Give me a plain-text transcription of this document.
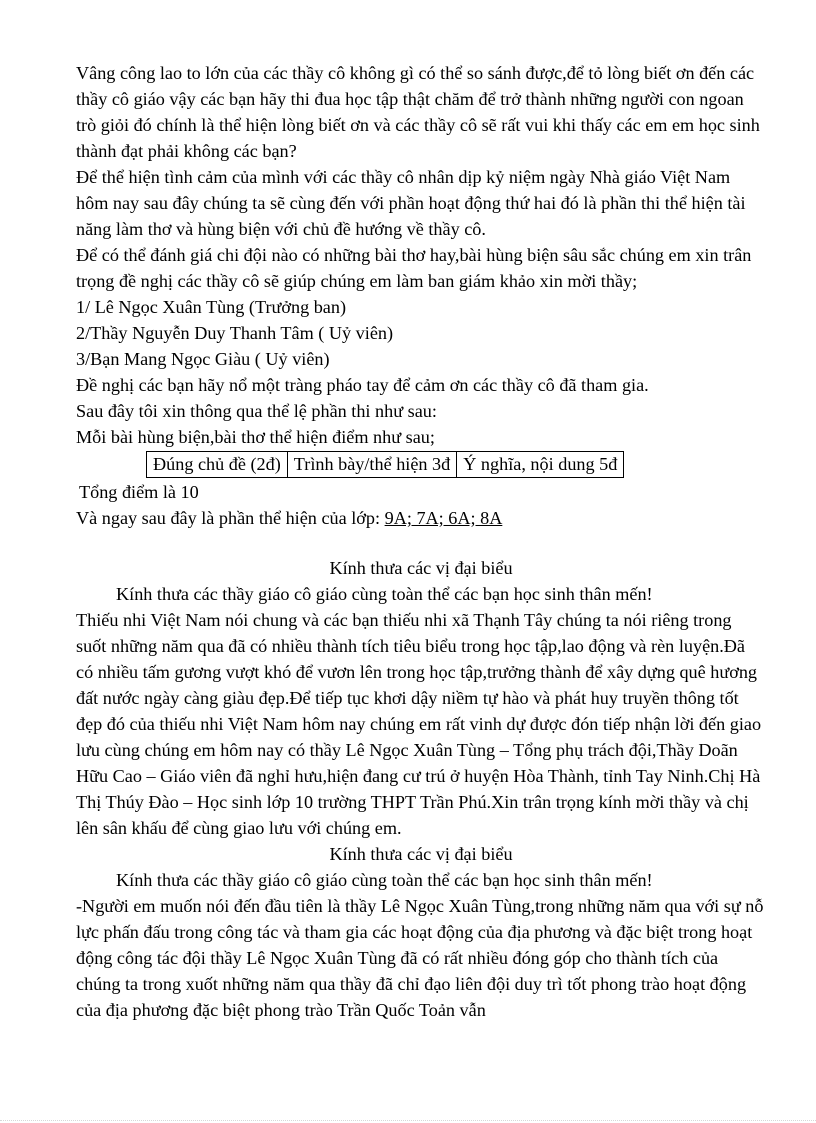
Vâng công lao to lớn của các thầy cô không gì có thể so sánh được,để tỏ lòng biết ơn đến các thầy cô giáo vậy các bạn hãy thi đua học tập thật chăm để trở thành những người con ngoan trò giỏi đó chính là thể hiện lòng biết ơn và các thầy cô sẽ rất vui khi thấy các em em học sinh thành đạt phải không các bạn?

Để thể hiện tình cảm của mình với các thầy cô nhân dịp kỷ niệm ngày Nhà giáo Việt Nam hôm nay sau đây chúng ta sẽ cùng đến với phần hoạt động thứ hai đó là phần thi thể hiện tài năng làm thơ và hùng biện với chủ đề hướng về thầy cô.

Để có thể đánh giá chi đội nào có những bài thơ hay,bài hùng biện sâu sắc chúng em xin trân trọng đề nghị các thầy cô sẽ giúp chúng em làm ban giám khảo xin mời thầy;

1/ Lê Ngọc Xuân Tùng (Trưởng ban)

2/Thầy Nguyễn Duy Thanh Tâm ( Uỷ viên)

3/Bạn Mang Ngọc Giàu ( Uỷ viên)

Đề nghị các bạn hãy nổ một tràng pháo tay để cảm ơn các thầy cô đã tham gia.

Sau đây tôi xin thông qua thể lệ phần thi như sau:

Mỗi bài hùng biện,bài thơ thể hiện điểm như sau;

Đúng chủ đề (2đ)	Trình bày/thể hiện 3đ	Ý nghĩa, nội dung 5đ

Tổng điểm là 10

Và ngay sau đây là phần thể hiện của lớp: 9A; 7A; 6A; 8A

Kính thưa các vị đại biểu

Kính thưa các thầy giáo cô giáo cùng toàn thể các bạn học sinh thân mến!

Thiếu nhi Việt Nam nói chung và các bạn thiếu nhi xã Thạnh Tây chúng ta nói riêng trong suốt những năm qua đã có nhiều thành tích tiêu biểu trong học tập,lao động và rèn luyện.Đã có nhiều tấm gương vượt khó để vươn lên trong học tập,trưởng thành để xây dựng quê hương đất nước ngày càng giàu đẹp.Để tiếp tục khơi dậy niềm tự hào và phát huy truyền thông tốt đẹp đó của thiếu nhi Việt Nam hôm nay chúng em rất vinh dự được đón tiếp nhận lời đến giao lưu cùng chúng em hôm nay có thầy Lê Ngọc Xuân Tùng – Tổng phụ trách đội,Thầy Doãn Hữu Cao – Giáo viên đã nghỉ hưu,hiện đang cư trú ở huyện Hòa Thành, tỉnh Tay Ninh.Chị Hà Thị Thúy Đào – Học sinh lớp 10 trường THPT Trần Phú.Xin trân trọng kính mời thầy và chị lên sân khấu để cùng giao lưu với chúng em.

Kính thưa các vị đại biểu

Kính thưa các thầy giáo cô giáo cùng toàn thể các bạn học sinh thân mến!

-Người em muốn nói đến đầu tiên là thầy Lê Ngọc Xuân Tùng,trong những năm qua với sự nỗ lực phấn đấu trong công tác và tham gia các hoạt động của địa phương và đặc biệt trong hoạt động công tác đội thầy Lê Ngọc Xuân Tùng đã có rất nhiều đóng góp cho thành tích của chúng ta trong xuốt những năm qua thầy đã chỉ đạo liên đội duy trì tốt phong trào hoạt động của địa phương đặc biệt phong trào Trần Quốc Toản vẫn
